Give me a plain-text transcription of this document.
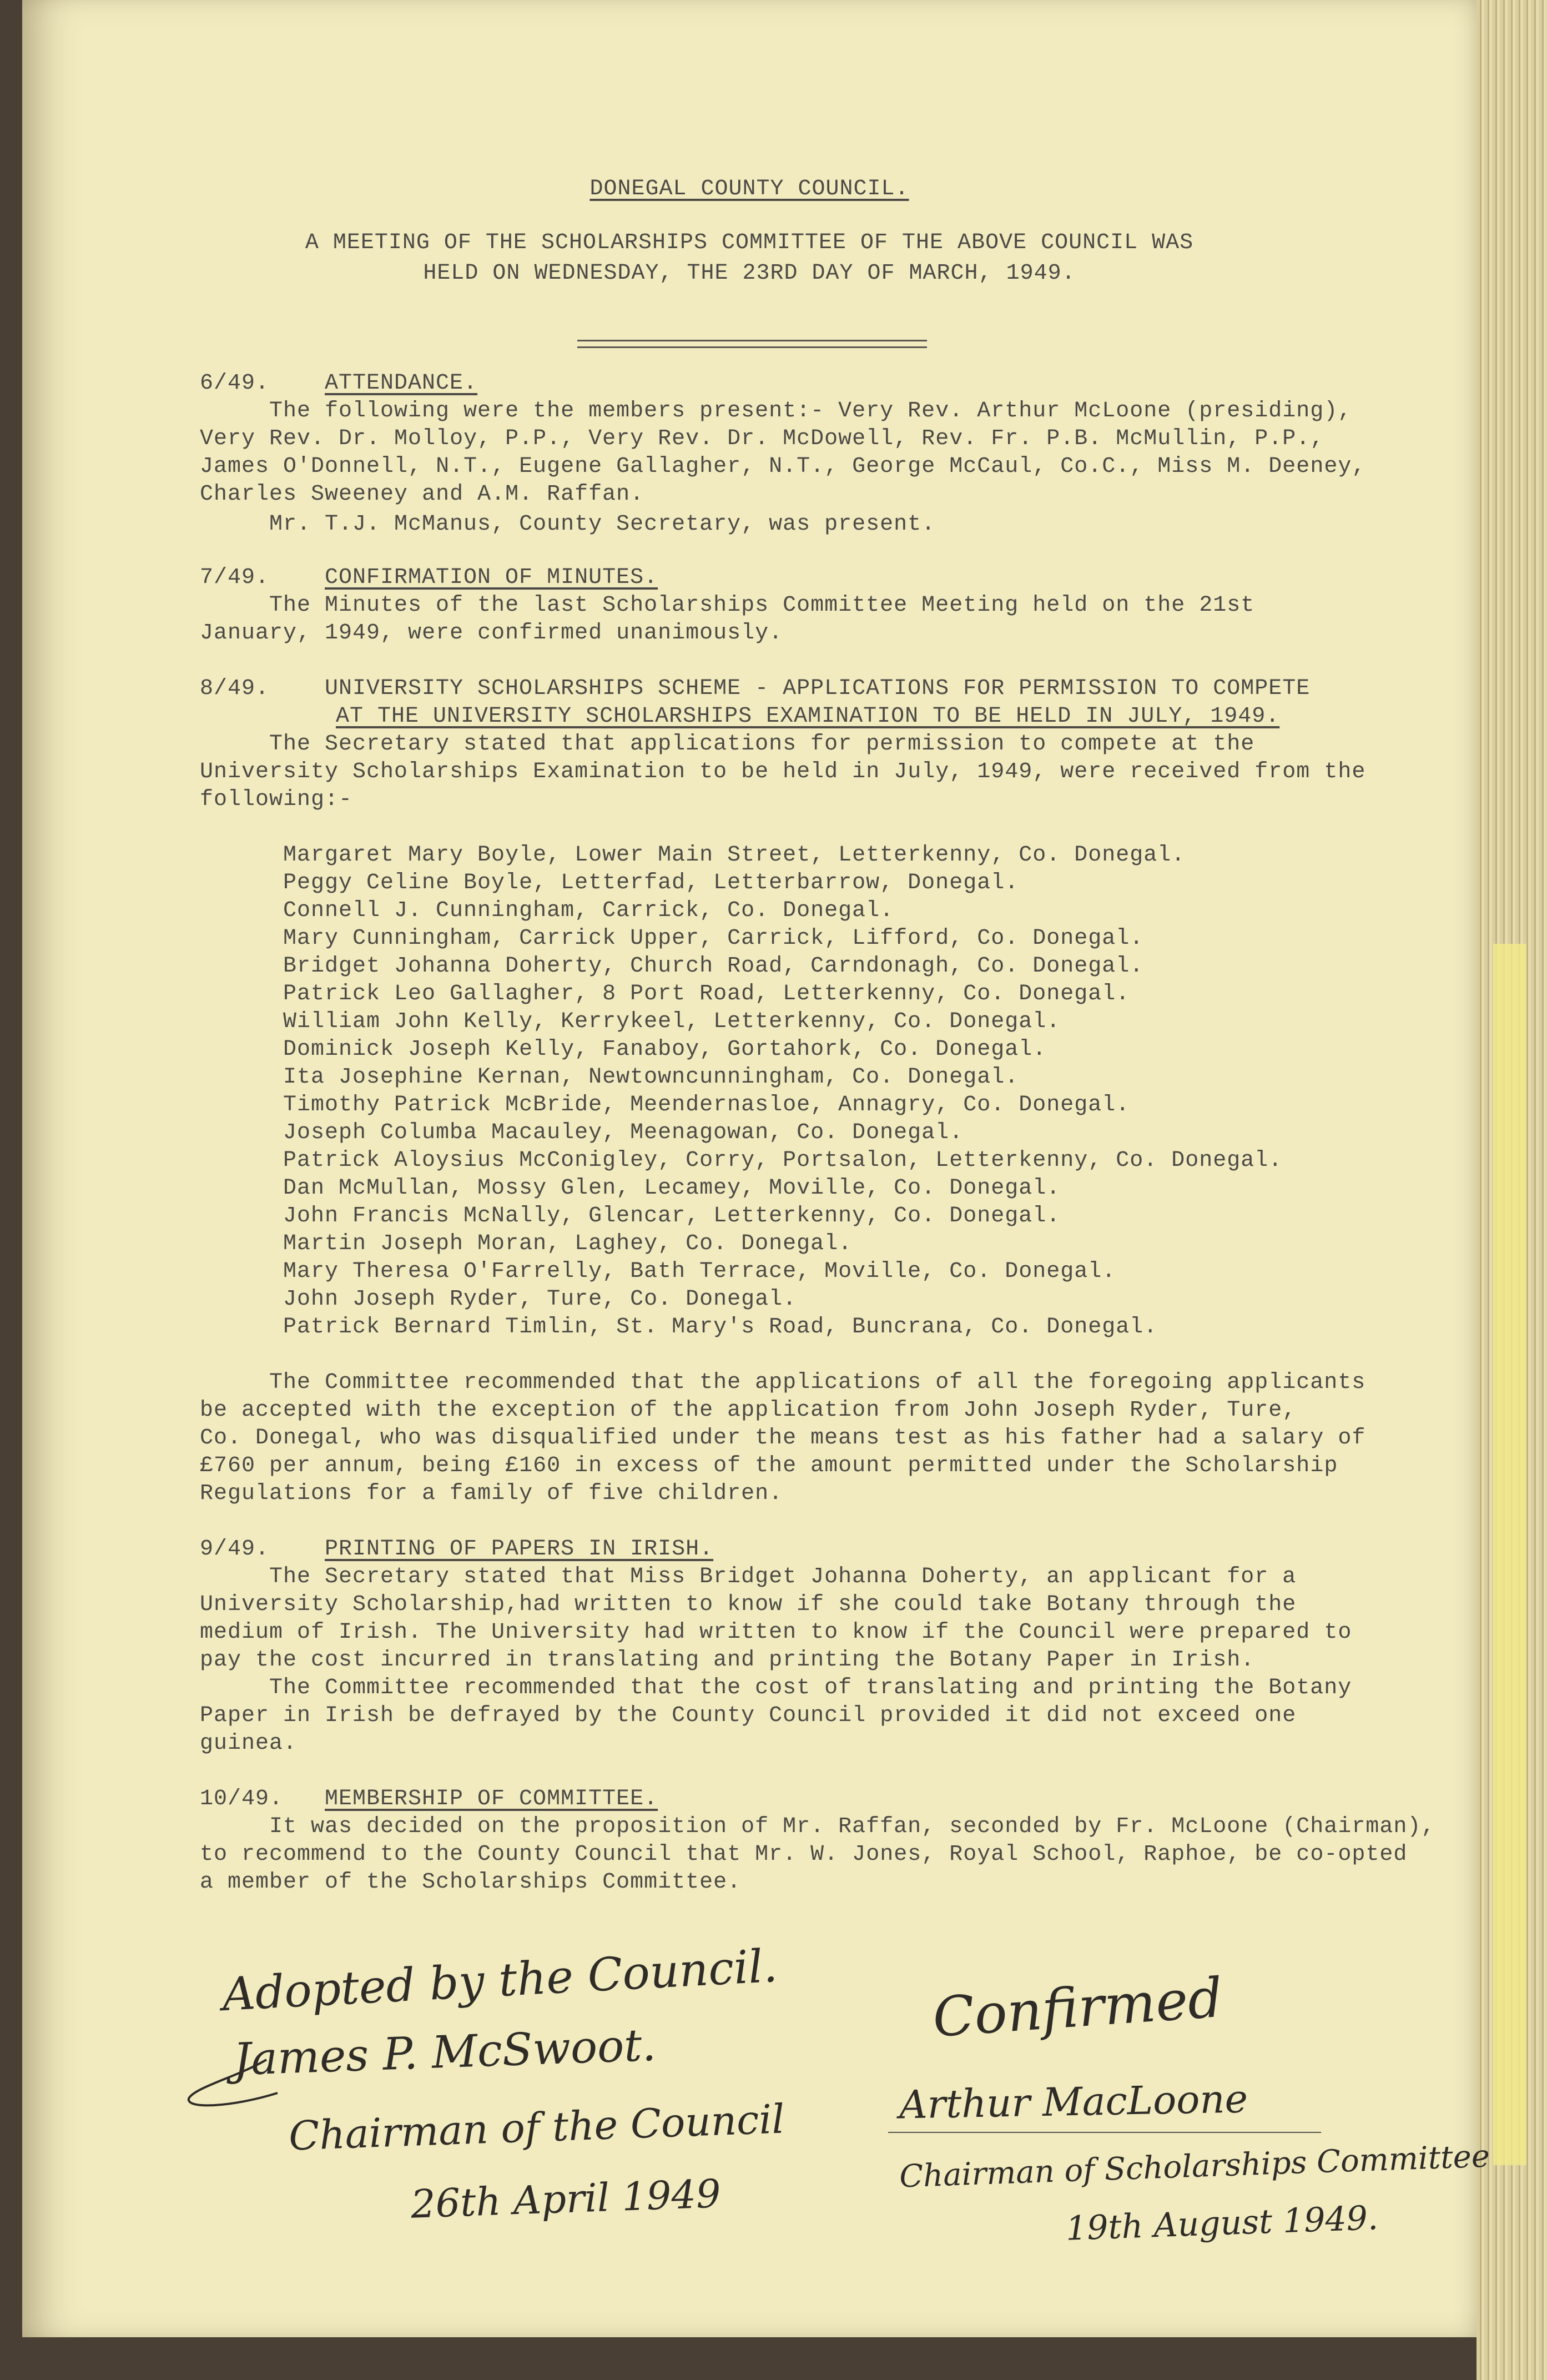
DONEGAL COUNTY COUNCIL.
A MEETING OF THE SCHOLARSHIPS COMMITTEE OF THE ABOVE COUNCIL WAS
HELD ON WEDNESDAY, THE 23RD DAY OF MARCH, 1949.
6/49. ATTENDANCE.
The following were the members present:- Very Rev. Arthur McLoone (presiding),
Very Rev. Dr. Molloy, P.P., Very Rev. Dr. McDowell, Rev. Fr. P.B. McMullin, P.P.,
James O'Donnell, N.T., Eugene Gallagher, N.T., George McCaul, Co.C., Miss M. Deeney,
Charles Sweeney and A.M. Raffan.
Mr. T.J. McManus, County Secretary, was present.
7/49. CONFIRMATION OF MINUTES.
The Minutes of the last Scholarships Committee Meeting held on the 21st
January, 1949, were confirmed unanimously.
8/49. UNIVERSITY SCHOLARSHIPS SCHEME - APPLICATIONS FOR PERMISSION TO COMPETE
AT THE UNIVERSITY SCHOLARSHIPS EXAMINATION TO BE HELD IN JULY, 1949.
The Secretary stated that applications for permission to compete at the
University Scholarships Examination to be held in July, 1949, were received from the
following:-
Margaret Mary Boyle, Lower Main Street, Letterkenny, Co. Donegal.
Peggy Celine Boyle, Letterfad, Letterbarrow, Donegal.
Connell J. Cunningham, Carrick, Co. Donegal.
Mary Cunningham, Carrick Upper, Carrick, Lifford, Co. Donegal.
Bridget Johanna Doherty, Church Road, Carndonagh, Co. Donegal.
Patrick Leo Gallagher, 8 Port Road, Letterkenny, Co. Donegal.
William John Kelly, Kerrykeel, Letterkenny, Co. Donegal.
Dominick Joseph Kelly, Fanaboy, Gortahork, Co. Donegal.
Ita Josephine Kernan, Newtowncunningham, Co. Donegal.
Timothy Patrick McBride, Meendernasloe, Annagry, Co. Donegal.
Joseph Columba Macauley, Meenagowan, Co. Donegal.
Patrick Aloysius McConigley, Corry, Portsalon, Letterkenny, Co. Donegal.
Dan McMullan, Mossy Glen, Lecamey, Moville, Co. Donegal.
John Francis McNally, Glencar, Letterkenny, Co. Donegal.
Martin Joseph Moran, Laghey, Co. Donegal.
Mary Theresa O'Farrelly, Bath Terrace, Moville, Co. Donegal.
John Joseph Ryder, Ture, Co. Donegal.
Patrick Bernard Timlin, St. Mary's Road, Buncrana, Co. Donegal.
The Committee recommended that the applications of all the foregoing applicants
be accepted with the exception of the application from John Joseph Ryder, Ture,
Co. Donegal, who was disqualified under the means test as his father had a salary of
£760 per annum, being £160 in excess of the amount permitted under the Scholarship
Regulations for a family of five children.
9/49. PRINTING OF PAPERS IN IRISH.
The Secretary stated that Miss Bridget Johanna Doherty, an applicant for a
University Scholarship,had written to know if she could take Botany through the
medium of Irish. The University had written to know if the Council were prepared to
pay the cost incurred in translating and printing the Botany Paper in Irish.
The Committee recommended that the cost of translating and printing the Botany
Paper in Irish be defrayed by the County Council provided it did not exceed one
guinea.
10/49. MEMBERSHIP OF COMMITTEE.
It was decided on the proposition of Mr. Raffan, seconded by Fr. McLoone (Chairman),
to recommend to the County Council that Mr. W. Jones, Royal School, Raphoe, be co-opted
a member of the Scholarships Committee.
Adopted by the Council.
James P. McSwoot.
Chairman of the Council
26th April 1949
Confirmed
Arthur MacLoone
Chairman of Scholarships Committee
19th August 1949.
